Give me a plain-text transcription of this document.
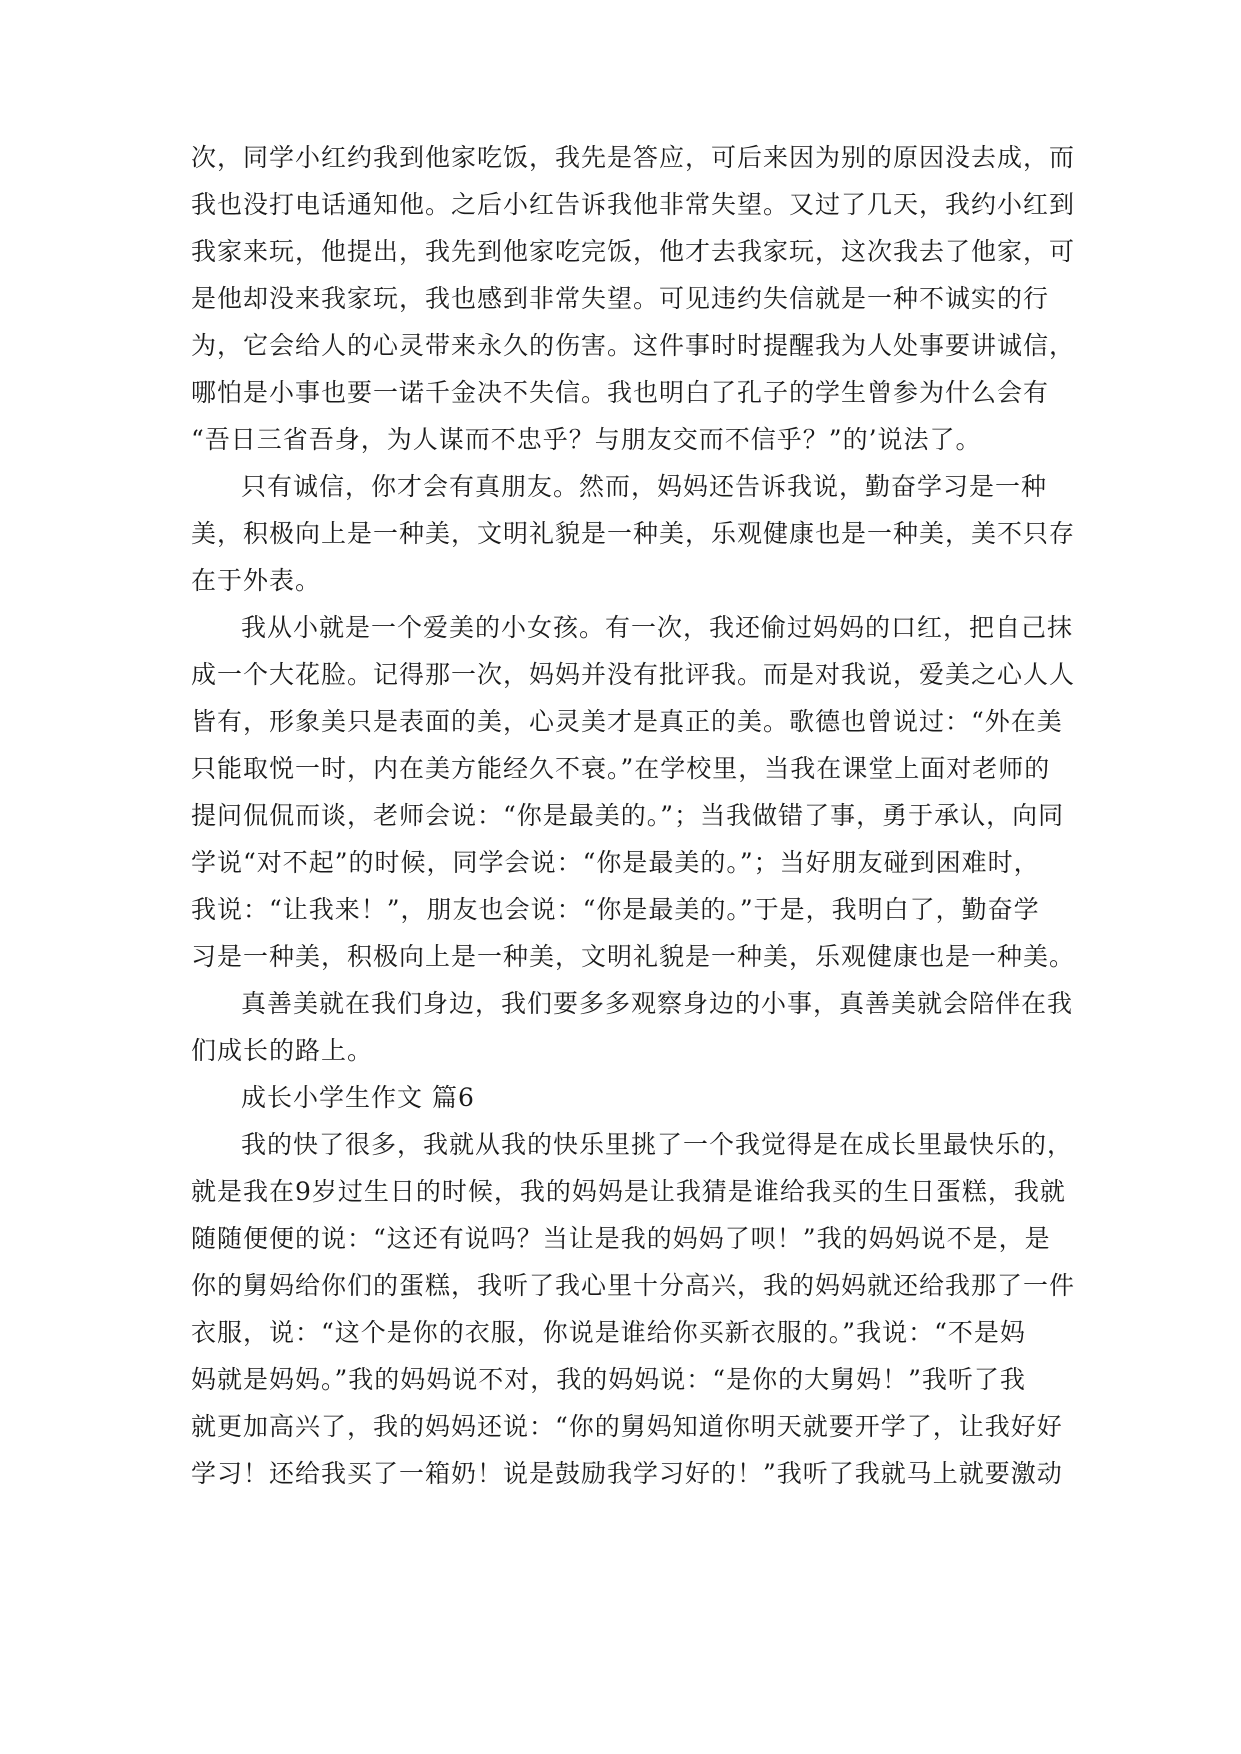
次，同学小红约我到他家吃饭，我先是答应，可后来因为别的原因没去成，而
我也没打电话通知他。之后小红告诉我他非常失望。又过了几天，我约小红到
我家来玩，他提出，我先到他家吃完饭，他才去我家玩，这次我去了他家，可
是他却没来我家玩，我也感到非常失望。可见违约失信就是一种不诚实的行
为，它会给人的心灵带来永久的伤害。这件事时时提醒我为人处事要讲诚信，
哪怕是小事也要一诺千金决不失信。我也明白了孔子的学生曾参为什么会有
“吾日三省吾身，为人谋而不忠乎？与朋友交而不信乎？”的’说法了。
只有诚信，你才会有真朋友。然而，妈妈还告诉我说，勤奋学习是一种
美，积极向上是一种美，文明礼貌是一种美，乐观健康也是一种美，美不只存
在于外表。
我从小就是一个爱美的小女孩。有一次，我还偷过妈妈的口红，把自己抹
成一个大花脸。记得那一次，妈妈并没有批评我。而是对我说，爱美之心人人
皆有，形象美只是表面的美，心灵美才是真正的美。歌德也曾说过：“外在美
只能取悦一时，内在美方能经久不衰。”在学校里，当我在课堂上面对老师的
提问侃侃而谈，老师会说：“你是最美的。”；当我做错了事，勇于承认，向同
学说“对不起”的时候，同学会说：“你是最美的。”；当好朋友碰到困难时，
我说：“让我来！”，朋友也会说：“你是最美的。”于是，我明白了，勤奋学
习是一种美，积极向上是一种美，文明礼貌是一种美，乐观健康也是一种美。
真善美就在我们身边，我们要多多观察身边的小事，真善美就会陪伴在我
们成长的路上。
成长小学生作文 篇6
我的快了很多，我就从我的快乐里挑了一个我觉得是在成长里最快乐的，
就是我在9岁过生日的时候，我的妈妈是让我猜是谁给我买的生日蛋糕，我就
随随便便的说：“这还有说吗？当让是我的妈妈了呗！”我的妈妈说不是，是
你的舅妈给你们的蛋糕，我听了我心里十分高兴，我的妈妈就还给我那了一件
衣服，说：“这个是你的衣服，你说是谁给你买新衣服的。”我说：“不是妈
妈就是妈妈。”我的妈妈说不对，我的妈妈说：“是你的大舅妈！”我听了我
就更加高兴了，我的妈妈还说：“你的舅妈知道你明天就要开学了，让我好好
学习！还给我买了一箱奶！说是鼓励我学习好的！”我听了我就马上就要激动
